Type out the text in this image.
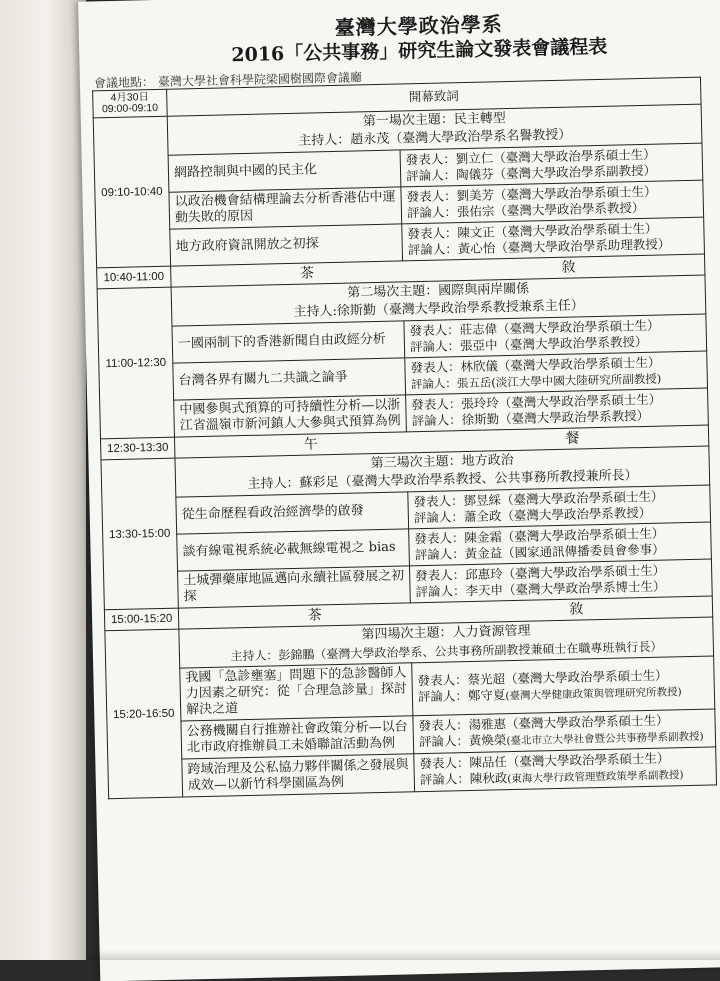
臺灣大學政治學系
2016「公共事務」研究生論文發表會議程表
會議地點： 臺灣大學社會科學院梁國樹國際會議廳
4月30日
09:00-09:10	開幕致詞	
09:10-10:40	第一場次主題：民主轉型
主持人：趙永茂（臺灣大學政治學系名譽教授）	

	網路控制與中國的民主化	發表人：劉立仁（臺灣大學政治學系碩士生）
評論人：陶儀芬（臺灣大學政治學系副教授）

	以政治機會結構理論去分析香港佔中運動失敗的原因	發表人：劉美芳（臺灣大學政治學系碩士生）
評論人：張佑宗（臺灣大學政治學系教授）

	地方政府資訊開放之初探	發表人：陳文正（臺灣大學政治學系碩士生）
評論人：黃心怡（臺灣大學政治學系助理教授）

10:40-11:00	茶 敘	

11:00-12:30	第二場次主題：國際與兩岸關係
主持人:徐斯勤（臺灣大學政治學系教授兼系主任）	

	一國兩制下的香港新聞自由政經分析	發表人：莊志偉（臺灣大學政治學系碩士生）
評論人：張亞中（臺灣大學政治學系教授）

	台灣各界有關九二共識之論爭	發表人：林欣儀（臺灣大學政治學系碩士生）
評論人：張五岳(淡江大學中國大陸研究所副教授)

	中國參與式預算的可持續性分析—以浙江省溫嶺市新河鎮人大參與式預算為例	發表人：張玲玲（臺灣大學政治學系碩士生）
評論人：徐斯勤（臺灣大學政治學系教授）

12:30-13:30	午 餐	

13:30-15:00	第三場次主題：地方政治
主持人：蘇彩足（臺灣大學政治學系教授、公共事務所教授兼所長）	

	從生命歷程看政治經濟學的啟發	發表人：鄧昱綵（臺灣大學政治學系碩士生）
評論人：蕭全政（臺灣大學政治學系教授）

	談有線電視系統必載無線電視之 bias	發表人：陳金霜（臺灣大學政治學系碩士生）
評論人：黃金益（國家通訊傳播委員會參事）

	土城彈藥庫地區邁向永續社區發展之初探	發表人：邱惠玲（臺灣大學政治學系碩士生）
評論人：李天申（臺灣大學政治學系博士生）

15:00-15:20	茶 敘	

15:20-16:50	第四場次主題：人力資源管理
主持人：彭錦鵬（臺灣大學政治學系、公共事務所副教授兼碩士在職專班執行長）	

	我國「急診壅塞」問題下的急診醫師人力因素之研究：從「合理急診量」探討解決之道	發表人：蔡光超（臺灣大學政治學系碩士生）
評論人：鄭守夏(臺灣大學健康政策與管理研究所教授)

	公務機關自行推辦社會政策分析—以台北市政府推辦員工未婚聯誼活動為例	發表人：湯雅惠（臺灣大學政治學系碩士生）
評論人：黃煥榮(臺北市立大學社會暨公共事務學系副教授)

	跨域治理及公私協力夥伴關係之發展與成效—以新竹科學園區為例	發表人：陳品任（臺灣大學政治學系碩士生）
評論人：陳秋政(東海大學行政管理暨政策學系副教授)
